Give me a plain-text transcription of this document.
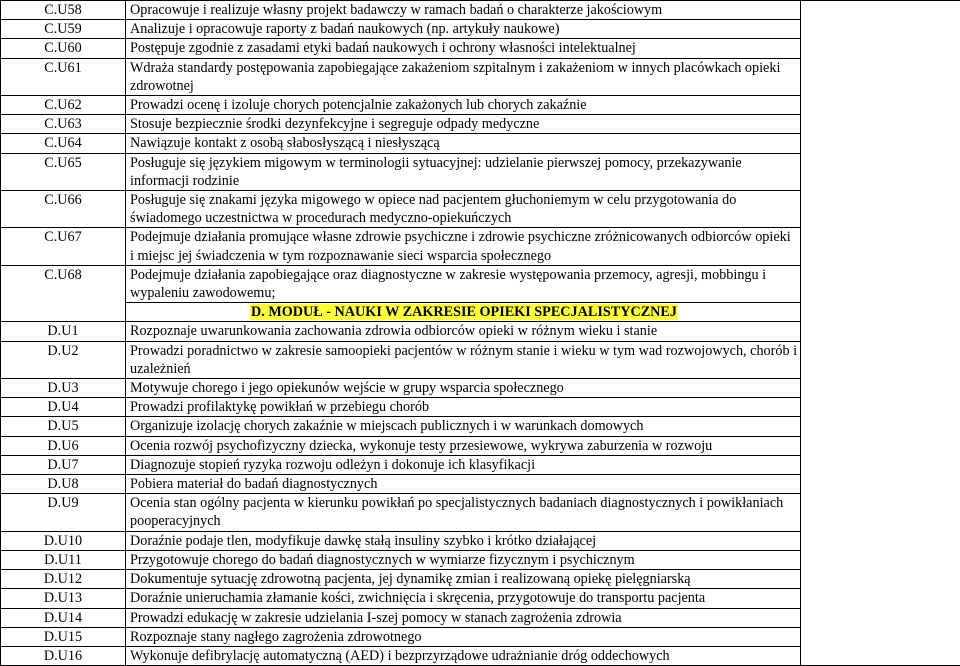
C.U58	Opracowuje i realizuje własny projekt badawczy w ramach badań o charakterze jakościowym	
C.U59	Analizuje i opracowuje raporty z badań naukowych (np. artykuły naukowe)	
C.U60	Postępuje zgodnie z zasadami etyki badań naukowych i ochrony własności intelektualnej	
C.U61	Wdraża standardy postępowania zapobiegające zakażeniom szpitalnym i zakażeniom w innych placówkach opieki zdrowotnej	
C.U62	Prowadzi ocenę i izoluje chorych potencjalnie zakażonych lub chorych zakaźnie	
C.U63	Stosuje bezpiecznie środki dezynfekcyjne i segreguje odpady medyczne	
C.U64	Nawiązuje kontakt z osobą słabosłyszącą i niesłyszącą	
C.U65	Posługuje się językiem migowym w terminologii sytuacyjnej: udzielanie pierwszej pomocy, przekazywanie informacji rodzinie	
C.U66	Posługuje się znakami języka migowego w opiece nad pacjentem głuchoniemym w celu przygotowania do świadomego uczestnictwa w procedurach medyczno-opiekuńczych	
C.U67	Podejmuje działania promujące własne zdrowie psychiczne i zdrowie psychiczne zróżnicowanych odbiorców opieki i miejsc jej świadczenia w tym rozpoznawanie sieci wsparcia społecznego	
C.U68	Podejmuje działania zapobiegające oraz diagnostyczne w zakresie występowania przemocy, agresji, mobbingu i wypaleniu zawodowemu;	
	D. MODUŁ - NAUKI W ZAKRESIE OPIEKI SPECJALISTYCZNEJ	
D.U1	Rozpoznaje uwarunkowania zachowania zdrowia odbiorców opieki w różnym wieku i stanie	
D.U2	Prowadzi poradnictwo w zakresie samoopieki pacjentów w różnym stanie i wieku w tym wad rozwojowych, chorób i uzależnień	
D.U3	Motywuje chorego i jego opiekunów wejście w grupy wsparcia społecznego	
D.U4	Prowadzi profilaktykę powikłań w przebiegu chorób	
D.U5	Organizuje izolację chorych zakaźnie w miejscach publicznych i w warunkach domowych	
D.U6	Ocenia rozwój psychofizyczny dziecka, wykonuje testy przesiewowe, wykrywa zaburzenia w rozwoju	
D.U7	Diagnozuje stopień ryzyka rozwoju odleżyn i dokonuje ich klasyfikacji	
D.U8	Pobiera materiał do badań diagnostycznych	
D.U9	Ocenia stan ogólny pacjenta w kierunku powikłań po specjalistycznych badaniach diagnostycznych i powikłaniach pooperacyjnych	
D.U10	Doraźnie podaje tlen, modyfikuje dawkę stałą insuliny szybko i krótko działającej	
D.U11	Przygotowuje chorego do badań diagnostycznych w wymiarze fizycznym i psychicznym	
D.U12	Dokumentuje sytuację zdrowotną pacjenta, jej dynamikę zmian i realizowaną opiekę pielęgniarską	
D.U13	Doraźnie unieruchamia złamanie kości, zwichnięcia i skręcenia, przygotowuje do transportu pacjenta	
D.U14	Prowadzi edukację w zakresie udzielania I-szej pomocy w stanach zagrożenia zdrowia	
D.U15	Rozpoznaje stany nagłego zagrożenia zdrowotnego	
D.U16	Wykonuje defibrylację automatyczną (AED) i bezprzyrządowe udrażnianie dróg oddechowych	
